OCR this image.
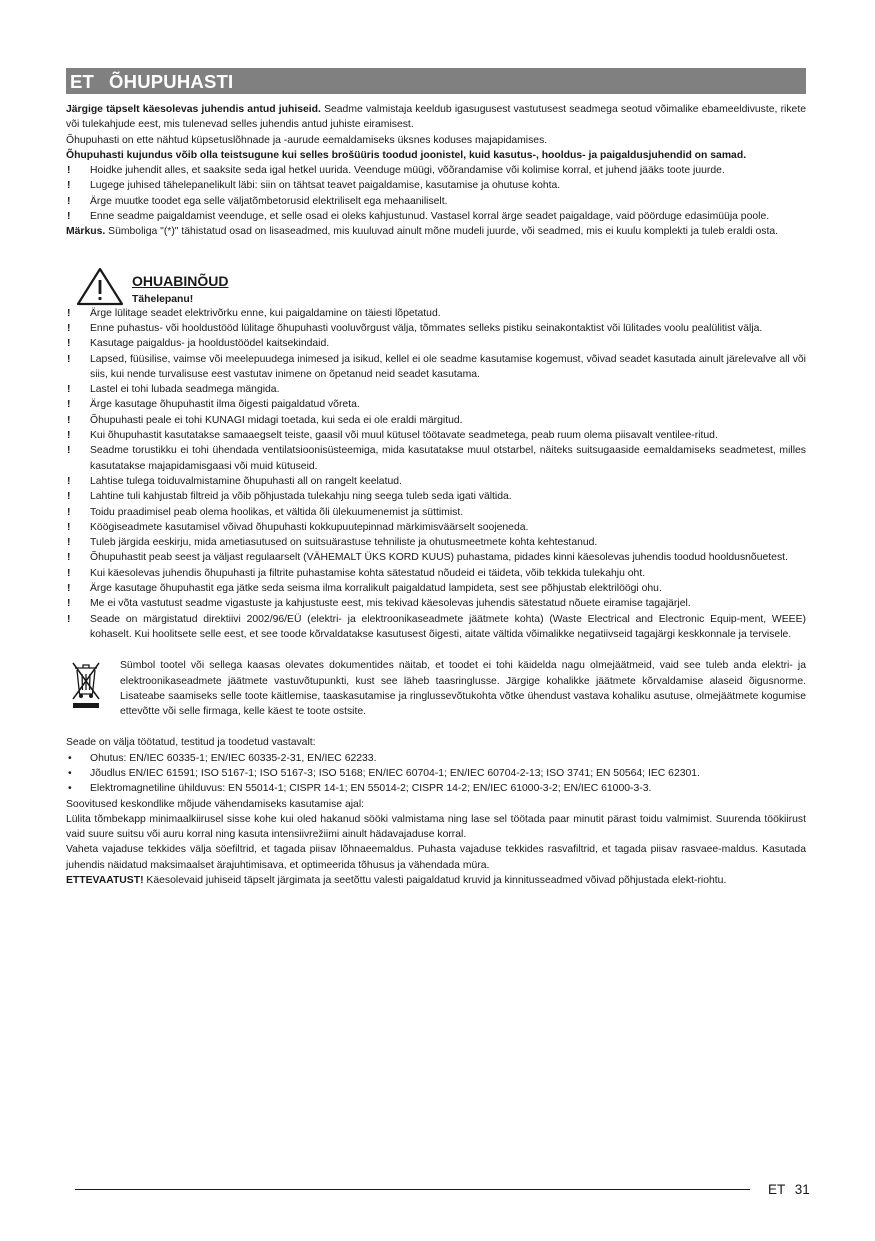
ET ÕHUPUHASTI

Järgige täpselt käesolevas juhendis antud juhiseid. Seadme valmistaja keeldub igasugusest vastutusest seadmega seotud võimalike ebameeldivuste, rikete või tulekahjude eest, mis tulenevad selles juhendis antud juhiste eiramisest.

Õhupuhasti on ette nähtud küpsetuslõhnade ja -aurude eemaldamiseks üksnes koduses majapidamises.

Õhupuhasti kujundus võib olla teistsugune kui selles brošüüris toodud joonistel, kuid kasutus-, hooldus- ja paigaldusjuhendid on samad.

!	Hoidke juhendit alles, et saaksite seda igal hetkel uurida. Veenduge müügi, võõrandamise või kolimise korral, et juhend jääks toote juurde.
!	Lugege juhised tähelepanelikult läbi: siin on tähtsat teavet paigaldamise, kasutamise ja ohutuse kohta.
!	Ärge muutke toodet ega selle väljatõmbetorusid elektriliselt ega mehaaniliselt.
!	Enne seadme paigaldamist veenduge, et selle osad ei oleks kahjustunud. Vastasel korral ärge seadet paigaldage, vaid pöörduge edasimüüja poole.

Märkus. Sümboliga "(*)" tähistatud osad on lisaseadmed, mis kuuluvad ainult mõne mudeli juurde, või seadmed, mis ei kuulu komplekti ja tuleb eraldi osta.

OHUABINÕUD
Tähelepanu!
!	Ärge lülitage seadet elektrivõrku enne, kui paigaldamine on täiesti lõpetatud.
!	Enne puhastus- või hooldustööd lülitage õhupuhasti vooluvõrgust välja, tõmmates selleks pistiku seinakontaktist või lülitades voolu pealülitist välja.
!	Kasutage paigaldus- ja hooldustöödel kaitsekindaid.
!	Lapsed, füüsilise, vaimse või meelepuudega inimesed ja isikud, kellel ei ole seadme kasutamise kogemust, võivad seadet kasutada ainult järelevalve all või siis, kui nende turvalisuse eest vastutav inimene on õpetanud neid seadet kasutama.
!	Lastel ei tohi lubada seadmega mängida.
!	Ärge kasutage õhupuhastit ilma õigesti paigaldatud võreta.
!	Õhupuhasti peale ei tohi KUNAGI midagi toetada, kui seda ei ole eraldi märgitud.
!	Kui õhupuhastit kasutatakse samaaegselt teiste, gaasil või muul kütusel töötavate seadmetega, peab ruum olema piisavalt ventilee-ritud.
!	Seadme torustikku ei tohi ühendada ventilatsioonisüsteemiga, mida kasutatakse muul otstarbel, näiteks suitsugaaside eemaldamiseks seadmetest, milles kasutatakse majapidamisgaasi või muid kütuseid.
!	Lahtise tulega toiduvalmistamine õhupuhasti all on rangelt keelatud.
!	Lahtine tuli kahjustab filtreid ja võib põhjustada tulekahju ning seega tuleb seda igati vältida.
!	Toidu praadimisel peab olema hoolikas, et vältida õli ülekuumenemist ja süttimist.
!	Köögiseadmete kasutamisel võivad õhupuhasti kokkupuutepinnad märkimisväärselt soojeneda.
!	Tuleb järgida eeskirju, mida ametiasutused on suitsuärastuse tehniliste ja ohutusmeetmete kohta kehtestanud.
!	Õhupuhastit peab seest ja väljast regulaarselt (VÄHEMALT ÜKS KORD KUUS) puhastama, pidades kinni käesolevas juhendis toodud hooldusnõuetest.
!	Kui käesolevas juhendis õhupuhasti ja filtrite puhastamise kohta sätestatud nõudeid ei täideta, võib tekkida tulekahju oht.
!	Ärge kasutage õhupuhastit ega jätke seda seisma ilma korralikult paigaldatud lampideta, sest see põhjustab elektrilöögi ohu.
!	Me ei võta vastutust seadme vigastuste ja kahjustuste eest, mis tekivad käesolevas juhendis sätestatud nõuete eiramise tagajärjel.
!	Seade on märgistatud direktiivi 2002/96/EÜ (elektri- ja elektroonikaseadmete jäätmete kohta) (Waste Electrical and Electronic Equip-ment, WEEE) kohaselt. Kui hoolitsete selle eest, et see toode kõrvaldatakse kasutusest õigesti, aitate vältida võimalikke negatiivseid tagajärgi keskkonnale ja tervisele.

Sümbol tootel või sellega kaasas olevates dokumentides näitab, et toodet ei tohi käidelda nagu olmejäätmeid, vaid see tuleb anda elektri- ja elektroonikaseadmete jäätmete vastuvõtupunkti, kust see läheb taasringlusse. Järgige kohalikke jäätmete kõrvaldamise alaseid õigusnorme. Lisateabe saamiseks selle toote käitlemise, taaskasutamise ja ringlussevõtukohta võtke ühendust vastava kohaliku asutuse, olmejäätmete kogumise ettevõtte või selle firmaga, kelle käest te toote ostsite.

Seade on välja töötatud, testitud ja toodetud vastavalt:

•	Ohutus: EN/IEC 60335-1; EN/IEC 60335-2-31, EN/IEC 62233.
•	Jõudlus EN/IEC 61591; ISO 5167-1; ISO 5167-3; ISO 5168; EN/IEC 60704-1; EN/IEC 60704-2-13; ISO 3741; EN 50564; IEC 62301.
•	Elektromagnetiline ühilduvus: EN 55014-1; CISPR 14-1; EN 55014-2; CISPR 14-2; EN/IEC 61000-3-2; EN/IEC 61000-3-3.

Soovitused keskondlike mõjude vähendamiseks kasutamise ajal:

Lülita tõmbekapp minimaalkiirusel sisse kohe kui oled hakanud sööki valmistama ning lase sel töötada paar minutit pärast toidu valmimist. Suurenda töökiirust vaid suure suitsu või auru korral ning kasuta intensiivrežiimi ainult hädavajaduse korral.

Vaheta vajaduse tekkides välja söefiltrid, et tagada piisav lõhnaeemaldus. Puhasta vajaduse tekkides rasvafiltrid, et tagada piisav rasvaee-maldus. Kasutada juhendis näidatud maksimaalset ärajuhtimisava, et optimeerida tõhusus ja vähendada müra.

ETTEVAATUST! Käesolevaid juhiseid täpselt järgimata ja seetõttu valesti paigaldatud kruvid ja kinnitusseadmed võivad põhjustada elekt-riohtu.

ET 31
